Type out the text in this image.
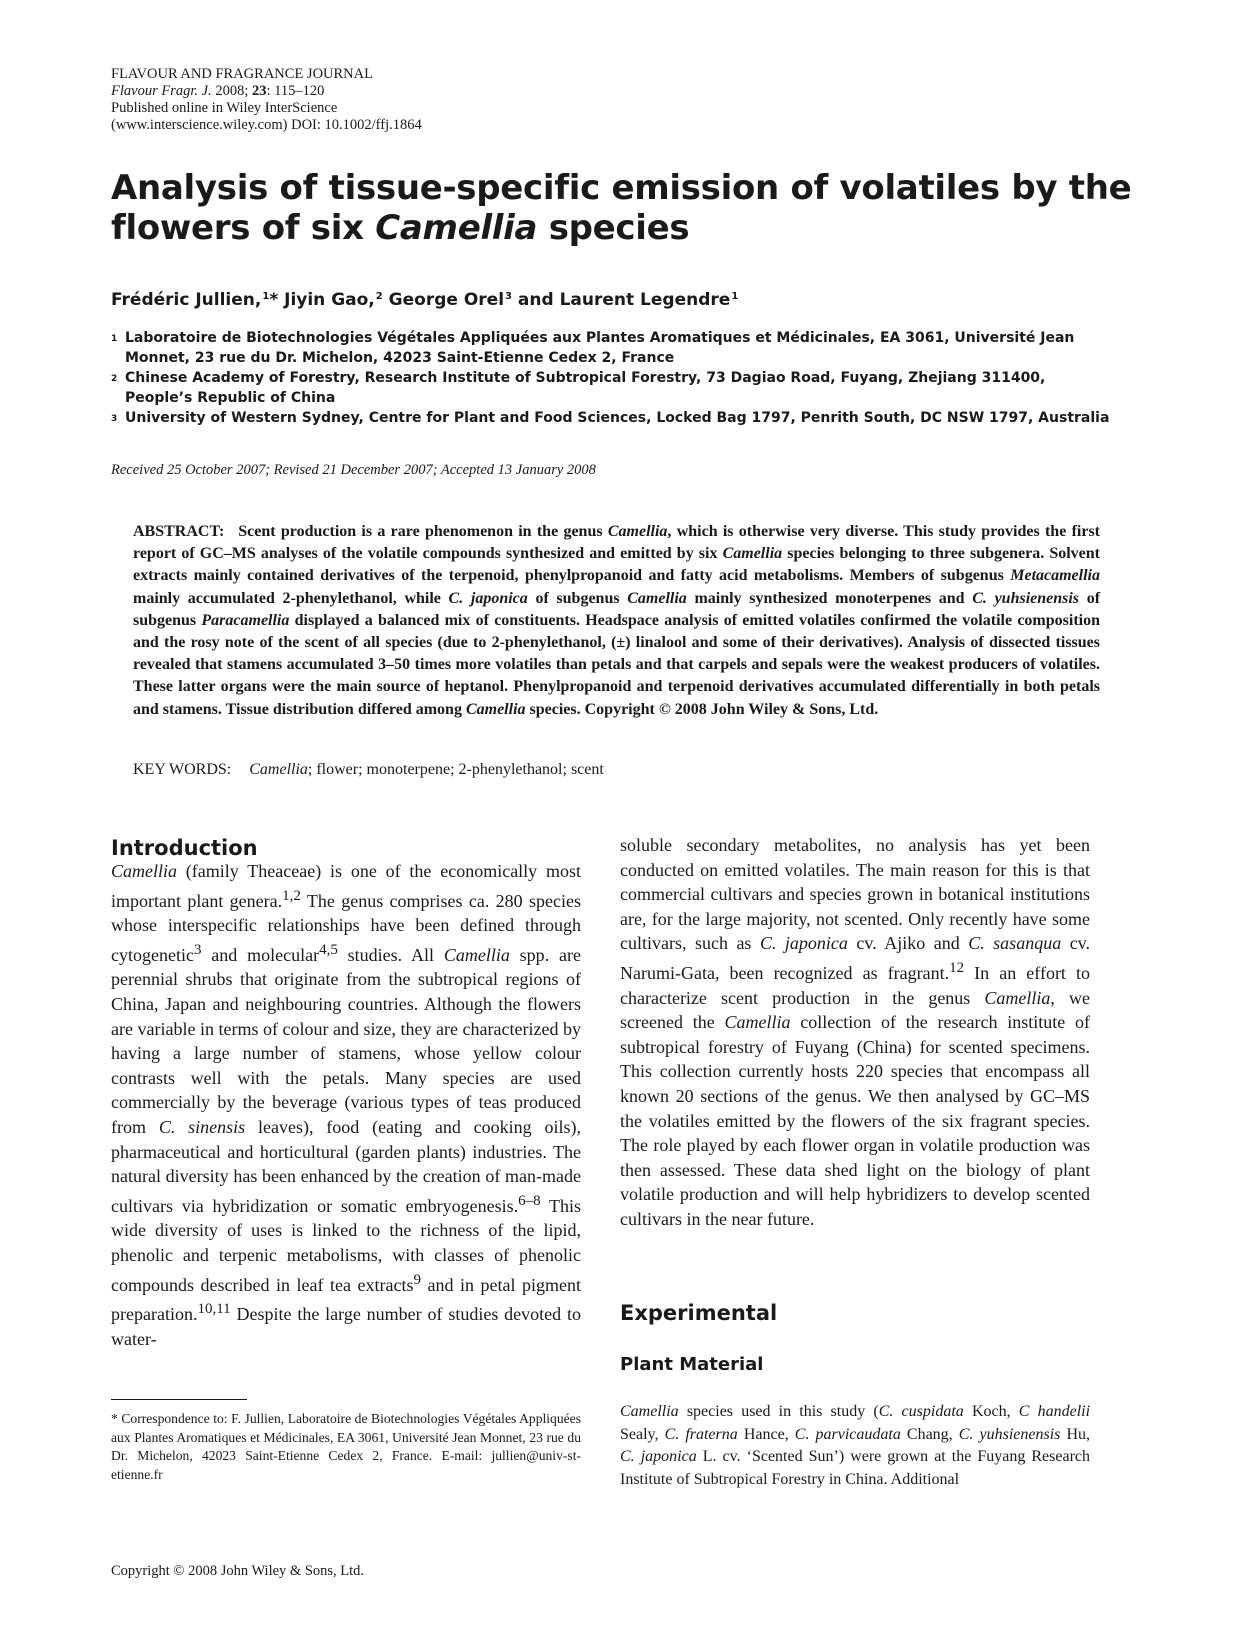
FLAVOUR AND FRAGRANCE JOURNAL
Flavour Fragr. J. 2008; 23: 115–120
Published online in Wiley InterScience
(www.interscience.wiley.com) DOI: 10.1002/ffj.1864
Analysis of tissue-specific emission of volatiles by the
flowers of six Camellia species
Frédéric Jullien,$^1$* Jiyin Gao,$^2$ George Orel$^3$ and Laurent Legendre$^1$
1 Laboratoire de Biotechnologies Végétales Appliquées aux Plantes Aromatiques et Médicinales, EA 3061, Université Jean Monnet, 23 rue du Dr. Michelon, 42023 Saint-Etienne Cedex 2, France
2 Chinese Academy of Forestry, Research Institute of Subtropical Forestry, 73 Dagiao Road, Fuyang, Zhejiang 311400, People’s Republic of China
3 University of Western Sydney, Centre for Plant and Food Sciences, Locked Bag 1797, Penrith South, DC NSW 1797, Australia
Received 25 October 2007; Revised 21 December 2007; Accepted 13 January 2008
ABSTRACT: Scent production is a rare phenomenon in the genus Camellia, which is otherwise very diverse. This study provides the first report of GC–MS analyses of the volatile compounds synthesized and emitted by six Camellia species belonging to three subgenera. Solvent extracts mainly contained derivatives of the terpenoid, phenylpropanoid and fatty acid metabolisms. Members of subgenus Metacamellia mainly accumulated 2-phenylethanol, while C. japonica of subgenus Camellia mainly synthesized monoterpenes and C. yuhsienensis of subgenus Paracamellia displayed a balanced mix of constituents. Headspace analysis of emitted volatiles confirmed the volatile composition and the rosy note of the scent of all species (due to 2-phenylethanol, (±) linalool and some of their derivatives). Analysis of dissected tissues revealed that stamens accumulated 3–50 times more volatiles than petals and that carpels and sepals were the weakest producers of volatiles. These latter organs were the main source of heptanol. Phenylpropanoid and terpenoid derivatives accumulated differentially in both petals and stamens. Tissue distribution differed among Camellia species. Copyright © 2008 John Wiley & Sons, Ltd.
KEY WORDS: Camellia; flower; monoterpene; 2-phenylethanol; scent
Introduction
Camellia (family Theaceae) is one of the economically most important plant genera.$^{1,2}$ The genus comprises ca. 280 species whose interspecific relationships have been defined through cytogenetic$^3$ and molecular$^{4,5}$ studies. All Camellia spp. are perennial shrubs that originate from the subtropical regions of China, Japan and neighbouring countries. Although the flowers are variable in terms of colour and size, they are characterized by having a large number of stamens, whose yellow colour contrasts well with the petals. Many species are used commercially by the beverage (various types of teas produced from C. sinensis leaves), food (eating and cooking oils), pharmaceutical and horticultural (garden plants) industries. The natural diversity has been enhanced by the creation of man-made cultivars via hybridization or somatic embryogenesis.$^{6-8}$ This wide diversity of uses is linked to the richness of the lipid, phenolic and terpenic metabolisms, with classes of phenolic compounds described in leaf tea extracts$^9$ and in petal pigment preparation.$^{10,11}$ Despite the large number of studies devoted to water-
soluble secondary metabolites, no analysis has yet been conducted on emitted volatiles. The main reason for this is that commercial cultivars and species grown in botanical institutions are, for the large majority, not scented. Only recently have some cultivars, such as C. japonica cv. Ajiko and C. sasanqua cv. Narumi-Gata, been recognized as fragrant.$^{12}$ In an effort to characterize scent production in the genus Camellia, we screened the Camellia collection of the research institute of subtropical forestry of Fuyang (China) for scented specimens. This collection currently hosts 220 species that encompass all known 20 sections of the genus. We then analysed by GC–MS the volatiles emitted by the flowers of the six fragrant species. The role played by each flower organ in volatile production was then assessed. These data shed light on the biology of plant volatile production and will help hybridizers to develop scented cultivars in the near future.
Experimental
Plant Material
Camellia species used in this study (C. cuspidata Koch, C handelii Sealy, C. fraterna Hance, C. parvicaudata Chang, C. yuhsienensis Hu, C. japonica L. cv. ‘Scented Sun’) were grown at the Fuyang Research Institute of Subtropical Forestry in China. Additional
* Correspondence to: F. Jullien, Laboratoire de Biotechnologies Végétales Appliquées aux Plantes Aromatiques et Médicinales, EA 3061, Université Jean Monnet, 23 rue du Dr. Michelon, 42023 Saint-Etienne Cedex 2, France. E-mail: jullien@univ-st-etienne.fr
Copyright © 2008 John Wiley & Sons, Ltd.
